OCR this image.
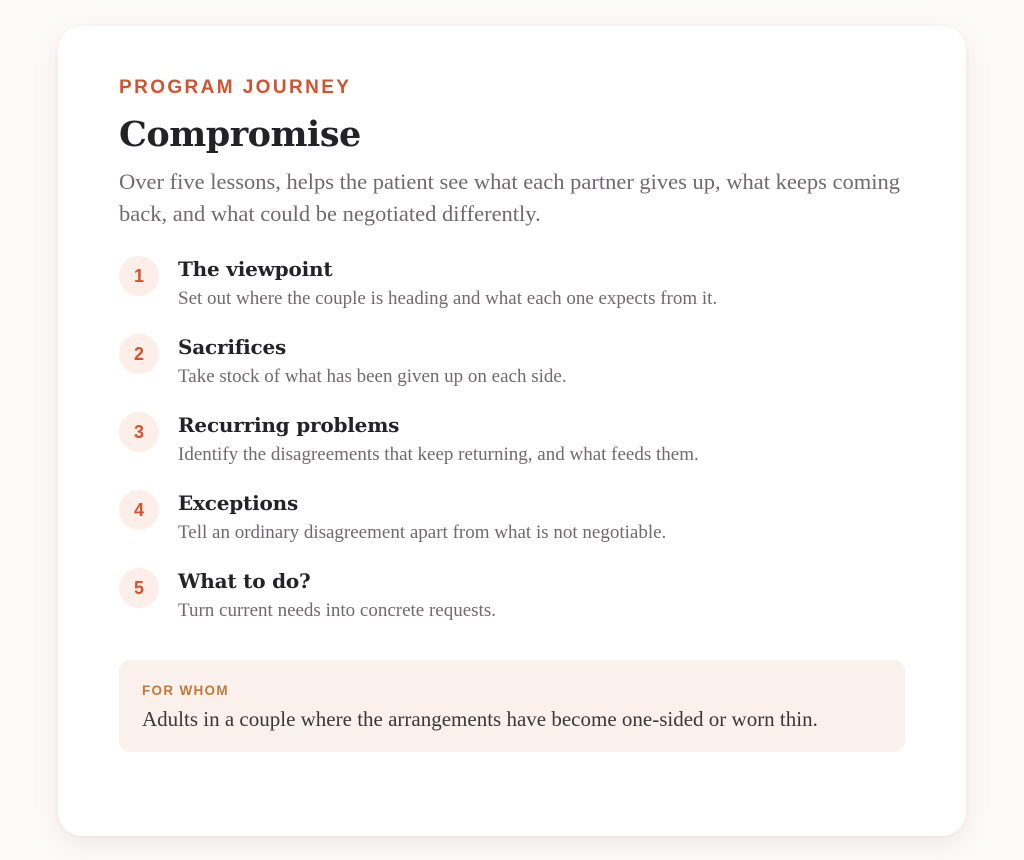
PROGRAM JOURNEY

Compromise

Over five lessons, helps the patient see what each partner gives up, what keeps coming back, and what could be negotiated differently.

1	The viewpoint

Set out where the couple is heading and what each one expects from it.

2	Sacrifices

Take stock of what has been given up on each side.

3	Recurring problems

Identify the disagreements that keep returning, and what feeds them.

4	Exceptions

Tell an ordinary disagreement apart from what is not negotiable.

5	What to do?

Turn current needs into concrete requests.

FOR WHOM

Adults in a couple where the arrangements have become one-sided or worn thin.
